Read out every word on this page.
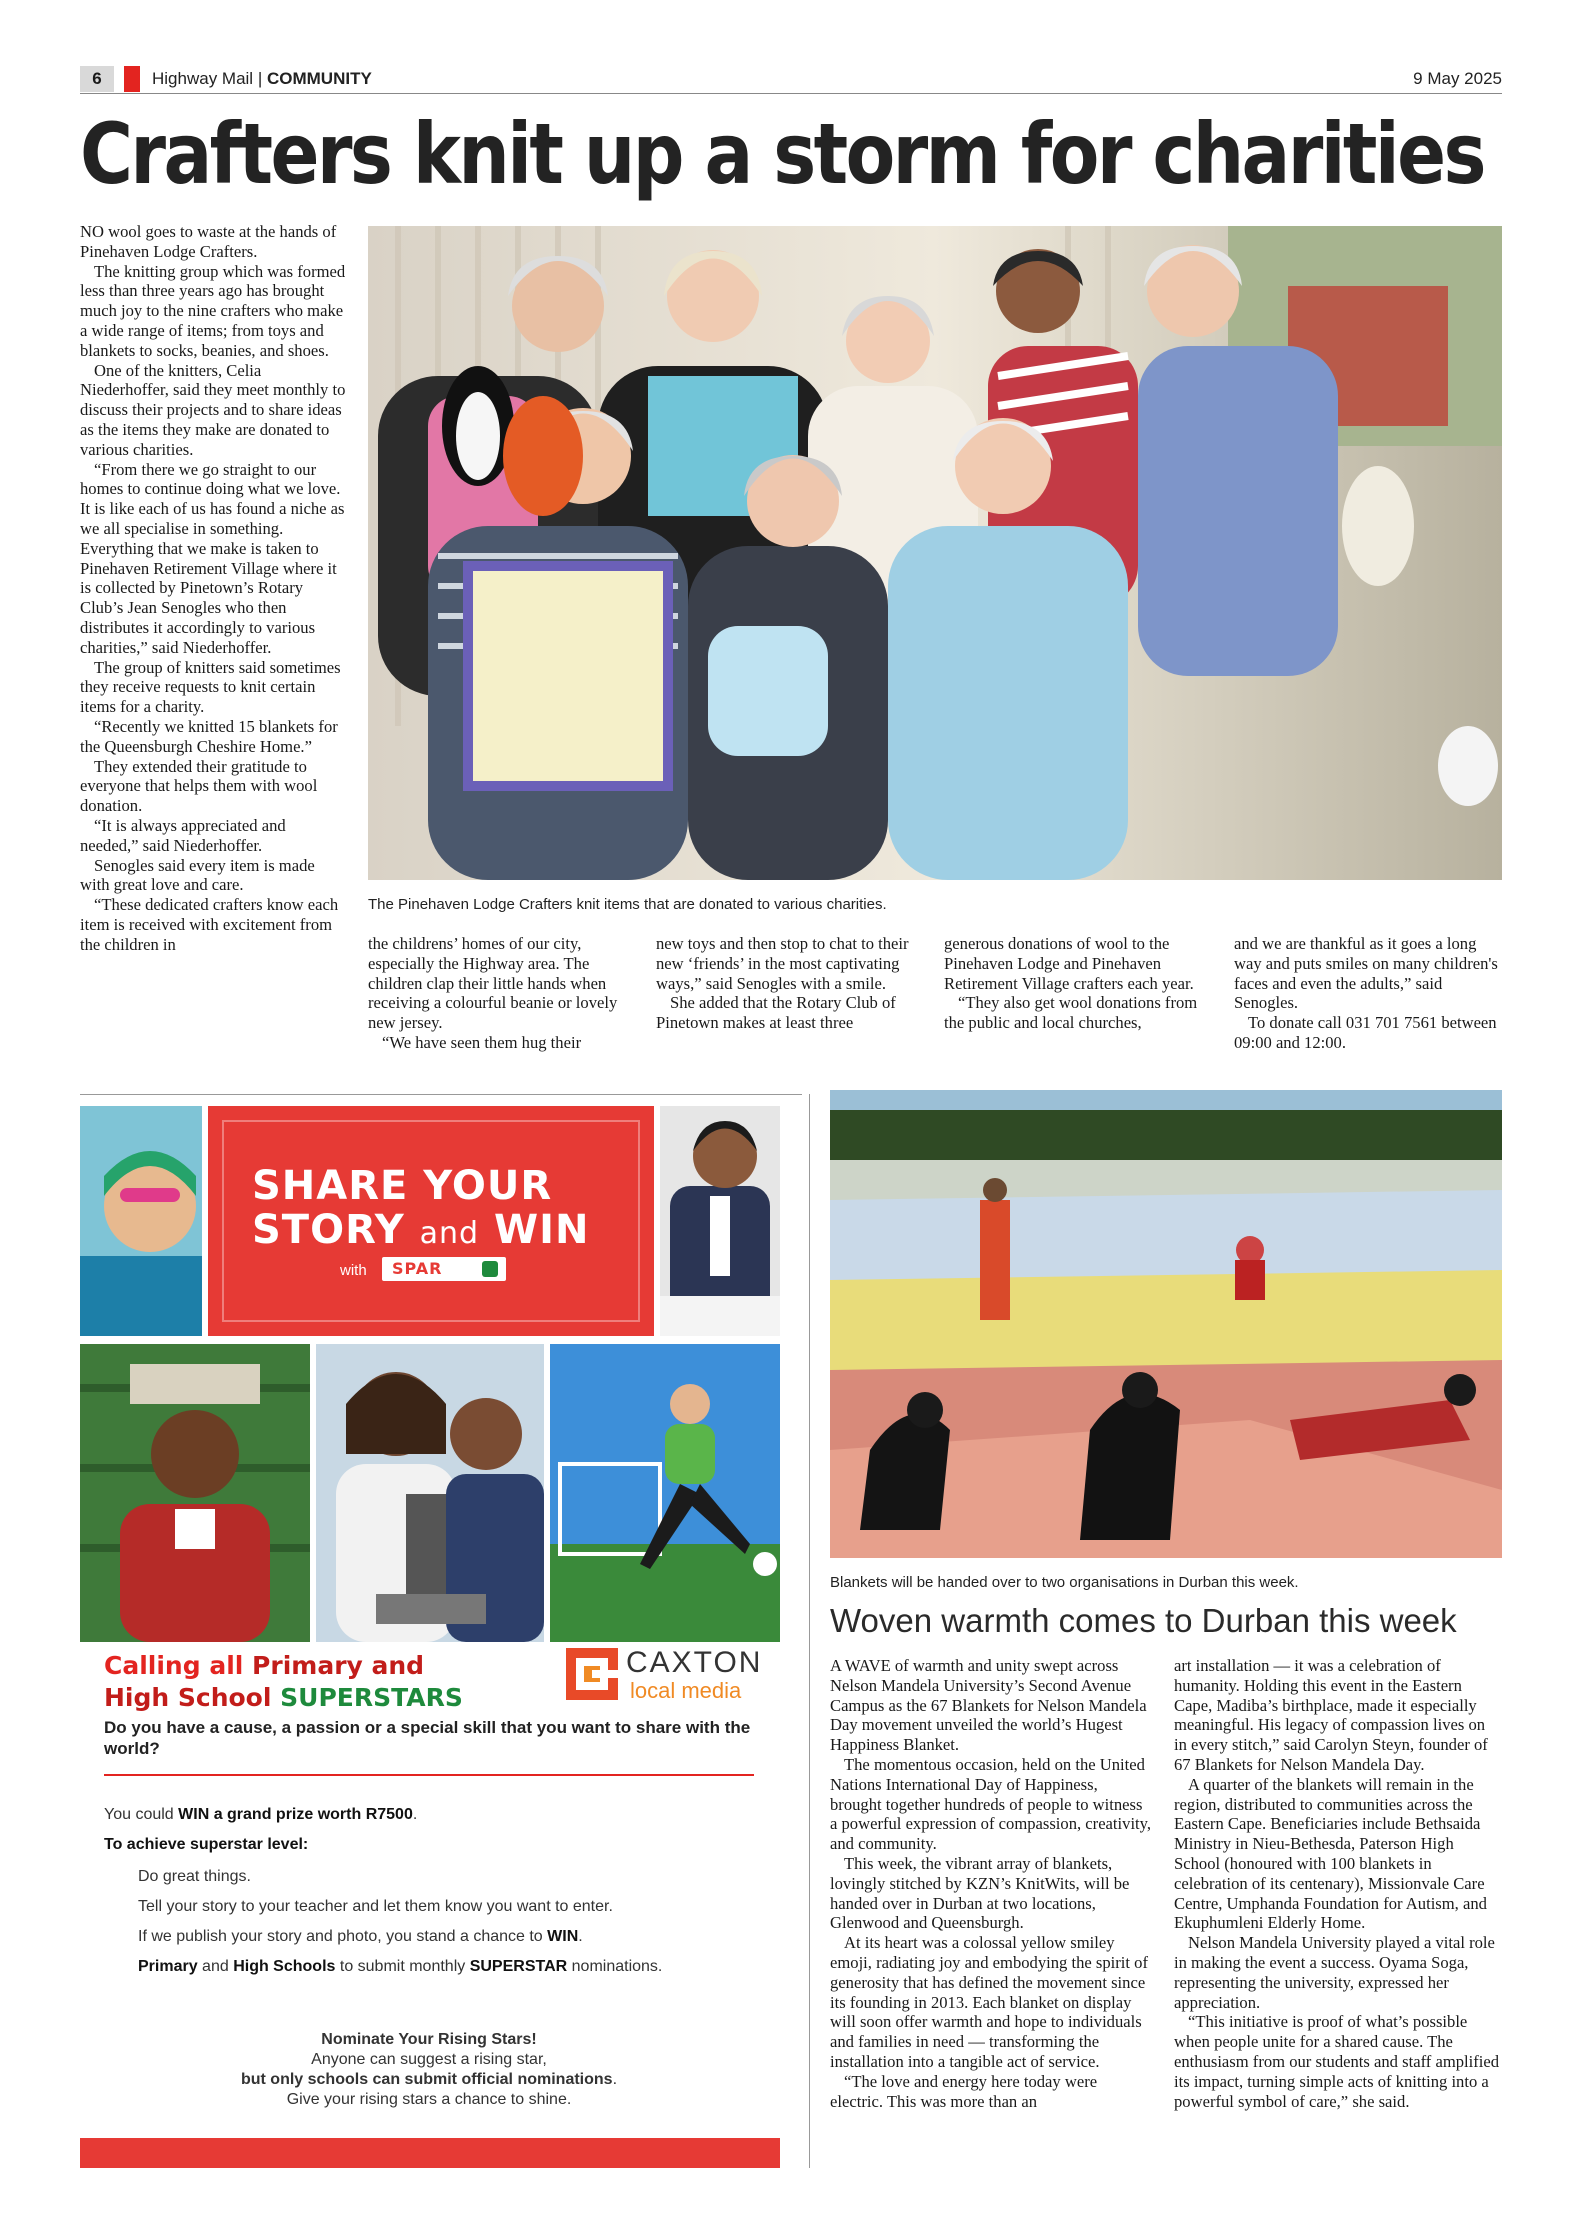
6	Highway Mail | COMMUNITY	9 May 2025
Crafters knit up a storm for charities

NO wool goes to waste at the hands of Pinehaven Lodge Crafters.

The knitting group which was formed less than three years ago has brought much joy to the nine crafters who make a wide range of items; from toys and blankets to socks, beanies, and shoes.

One of the knitters, Celia Niederhoffer, said they meet monthly to discuss their projects and to share ideas as the items they make are donated to various charities.

“From there we go straight to our homes to continue doing what we love. It is like each of us has found a niche as we all specialise in something. Everything that we make is taken to Pinehaven Retirement Village where it is collected by Pinetown’s Rotary Club’s Jean Senogles who then distributes it accordingly to various charities,” said Niederhoffer.

The group of knitters said sometimes they receive requests to knit certain items for a charity.

“Recently we knitted 15 blankets for the Queensburgh Cheshire Home.”

They extended their gratitude to everyone that helps them with wool donation.

“It is always appreciated and needed,” said Niederhoffer.

Senogles said every item is made with great love and care.

“These dedicated crafters know each item is received with excitement from the children in

The Pinehaven Lodge Crafters knit items that are donated to various charities.

the childrens’ homes of our city, especially the Highway area. The children clap their little hands when receiving a colourful beanie or lovely new jersey.

“We have seen them hug their

new toys and then stop to chat to their new ‘friends’ in the most captivating ways,” said Senogles with a smile.

She added that the Rotary Club of Pinetown makes at least three

generous donations of wool to the Pinehaven Lodge and Pinehaven Retirement Village crafters each year.

“They also get wool donations from the public and local churches,

and we are thankful as it goes a long way and puts smiles on many children's faces and even the adults,” said Senogles.

To donate call 031 701 7561 between 09:00 and 12:00.

SHARE YOUR
STORY and WIN
with SPAR
Calling all Primary and
High School SUPERSTARS
CAXTON
local media
Do you have a cause, a passion or a special skill that you want to share with the world?
You could WIN a grand prize worth R7500.
To achieve superstar level:
Do great things.
Tell your story to your teacher and let them know you want to enter.
If we publish your story and photo, you stand a chance to WIN.
Primary and High Schools to submit monthly SUPERSTAR nominations.
Nominate Your Rising Stars!
Anyone can suggest a rising star,
but only schools can submit official nominations.
Give your rising stars a chance to shine.
Blankets will be handed over to two organisations in Durban this week.
Woven warmth comes to Durban this week

A WAVE of warmth and unity swept across Nelson Mandela University’s Second Avenue Campus as the 67 Blankets for Nelson Mandela Day movement unveiled the world’s Hugest Happiness Blanket.

The momentous occasion, held on the United Nations International Day of Happiness, brought together hundreds of people to witness a powerful expression of compassion, creativity, and community.

This week, the vibrant array of blankets, lovingly stitched by KZN’s KnitWits, will be handed over in Durban at two locations, Glenwood and Queensburgh.

At its heart was a colossal yellow smiley emoji, radiating joy and embodying the spirit of generosity that has defined the movement since its founding in 2013. Each blanket on display will soon offer warmth and hope to individuals and families in need — transforming the installation into a tangible act of service.

“The love and energy here today were electric. This was more than an

art installation — it was a celebration of humanity. Holding this event in the Eastern Cape, Madiba’s birthplace, made it especially meaningful. His legacy of compassion lives on in every stitch,” said Carolyn Steyn, founder of 67 Blankets for Nelson Mandela Day.

A quarter of the blankets will remain in the region, distributed to communities across the Eastern Cape. Beneficiaries include Bethsaida Ministry in Nieu-Bethesda, Paterson High School (honoured with 100 blankets in celebration of its centenary), Missionvale Care Centre, Umphanda Foundation for Autism, and Ekuphumleni Elderly Home.

Nelson Mandela University played a vital role in making the event a success. Oyama Soga, representing the university, expressed her appreciation.

“This initiative is proof of what’s possible when people unite for a shared cause. The enthusiasm from our students and staff amplified its impact, turning simple acts of knitting into a powerful symbol of care,” she said.
